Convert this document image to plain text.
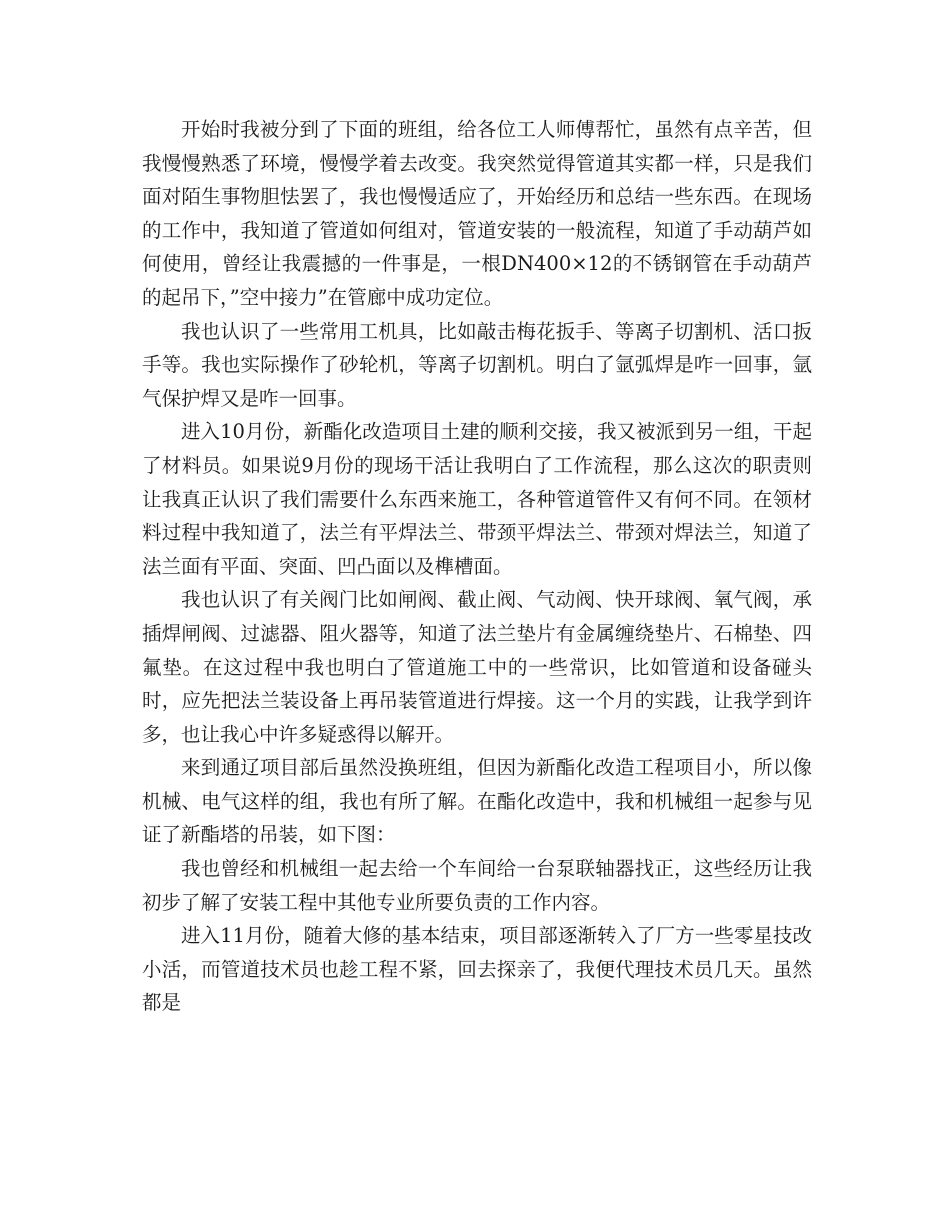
开始时我被分到了下面的班组，给各位工人师傅帮忙，虽然有点辛苦，但我慢慢熟悉了环境，慢慢学着去改变。我突然觉得管道其实都一样，只是我们面对陌生事物胆怯罢了，我也慢慢适应了，开始经历和总结一些东西。在现场的工作中，我知道了管道如何组对，管道安装的一般流程，知道了手动葫芦如何使用，曾经让我震撼的一件事是，一根DN400×12的不锈钢管在手动葫芦的起吊下，”空中接力”在管廊中成功定位。

我也认识了一些常用工机具，比如敲击梅花扳手、等离子切割机、活口扳手等。我也实际操作了砂轮机，等离子切割机。明白了氩弧焊是咋一回事，氩气保护焊又是咋一回事。

进入10月份，新酯化改造项目土建的顺利交接，我又被派到另一组，干起了材料员。如果说9月份的现场干活让我明白了工作流程，那么这次的职责则让我真正认识了我们需要什么东西来施工，各种管道管件又有何不同。在领材料过程中我知道了，法兰有平焊法兰、带颈平焊法兰、带颈对焊法兰，知道了法兰面有平面、突面、凹凸面以及榫槽面。

我也认识了有关阀门比如闸阀、截止阀、气动阀、快开球阀、氧气阀，承插焊闸阀、过滤器、阻火器等，知道了法兰垫片有金属缠绕垫片、石棉垫、四氟垫。在这过程中我也明白了管道施工中的一些常识，比如管道和设备碰头时，应先把法兰装设备上再吊装管道进行焊接。这一个月的实践，让我学到许多，也让我心中许多疑惑得以解开。

来到通辽项目部后虽然没换班组，但因为新酯化改造工程项目小，所以像机械、电气这样的组，我也有所了解。在酯化改造中，我和机械组一起参与见证了新酯塔的吊装，如下图：

我也曾经和机械组一起去给一个车间给一台泵联轴器找正，这些经历让我初步了解了安装工程中其他专业所要负责的工作内容。

进入11月份，随着大修的基本结束，项目部逐渐转入了厂方一些零星技改小活，而管道技术员也趁工程不紧，回去探亲了，我便代理技术员几天。虽然都是
